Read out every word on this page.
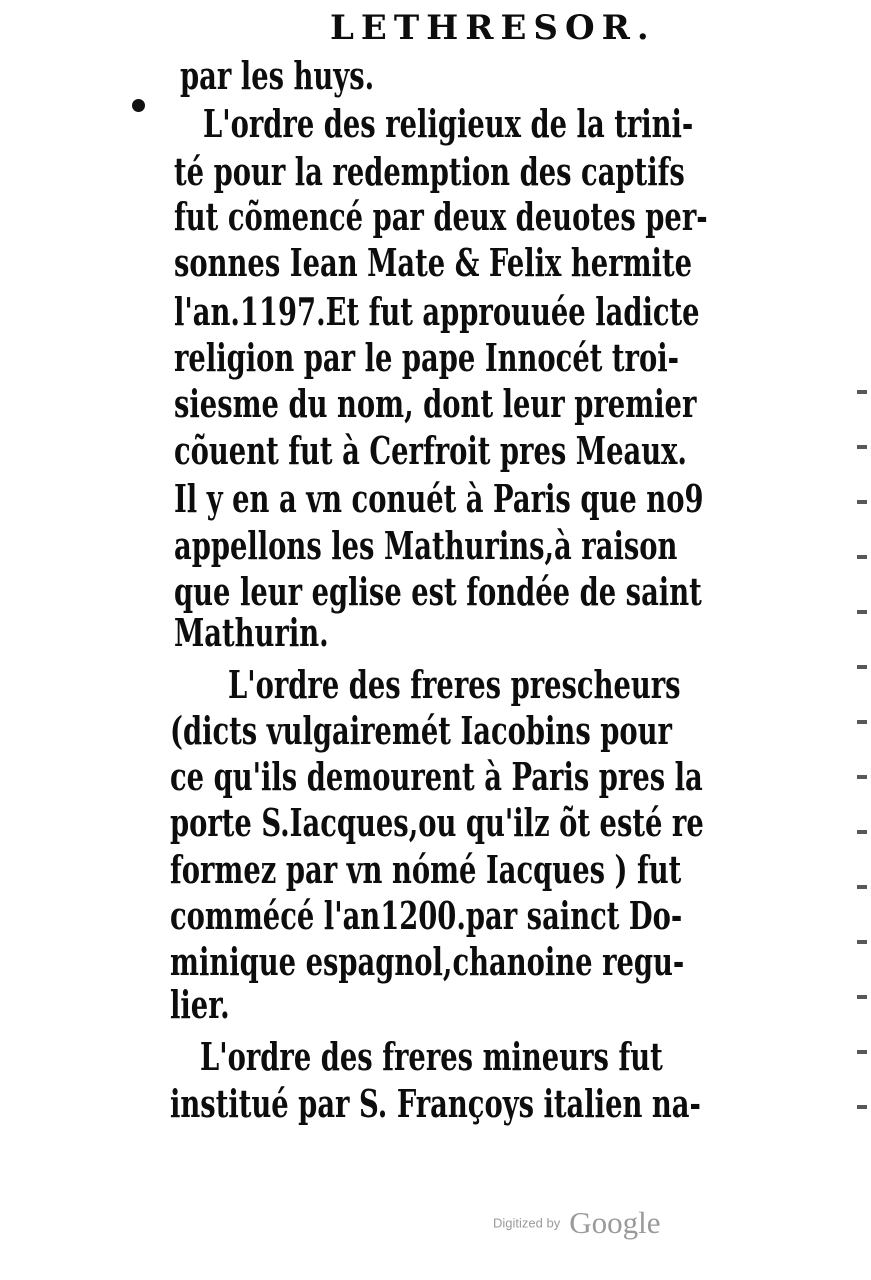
LETHRESOR.
par les huys.
L'ordre des religieux de la trini-
té pour la redemption des captifs
fut cõmencé par deux deuotes per-
sonnes Iean Mate & Felix hermite
l'an.1197.Et fut approuuée ladicte
religion par le pape Innocét troi-
siesme du nom, dont leur premier
cõuent fut à Cerfroit pres Meaux.
Il y en a vn conuét à Paris que no9
appellons les Mathurins,à raison
que leur eglise est fondée de saint
Mathurin.
L'ordre des freres prescheurs
(dicts vulgairemét Iacobins pour
ce qu'ils demourent à Paris pres la
porte S.Iacques,ou qu'ilz õt esté re
formez par vn nómé Iacques ) fut
commécé l'an1200.par sainct Do-
minique espagnol,chanoine regu-
lier.
L'ordre des freres mineurs fut
institué par S. Françoys italien na-
Digitized by Google
